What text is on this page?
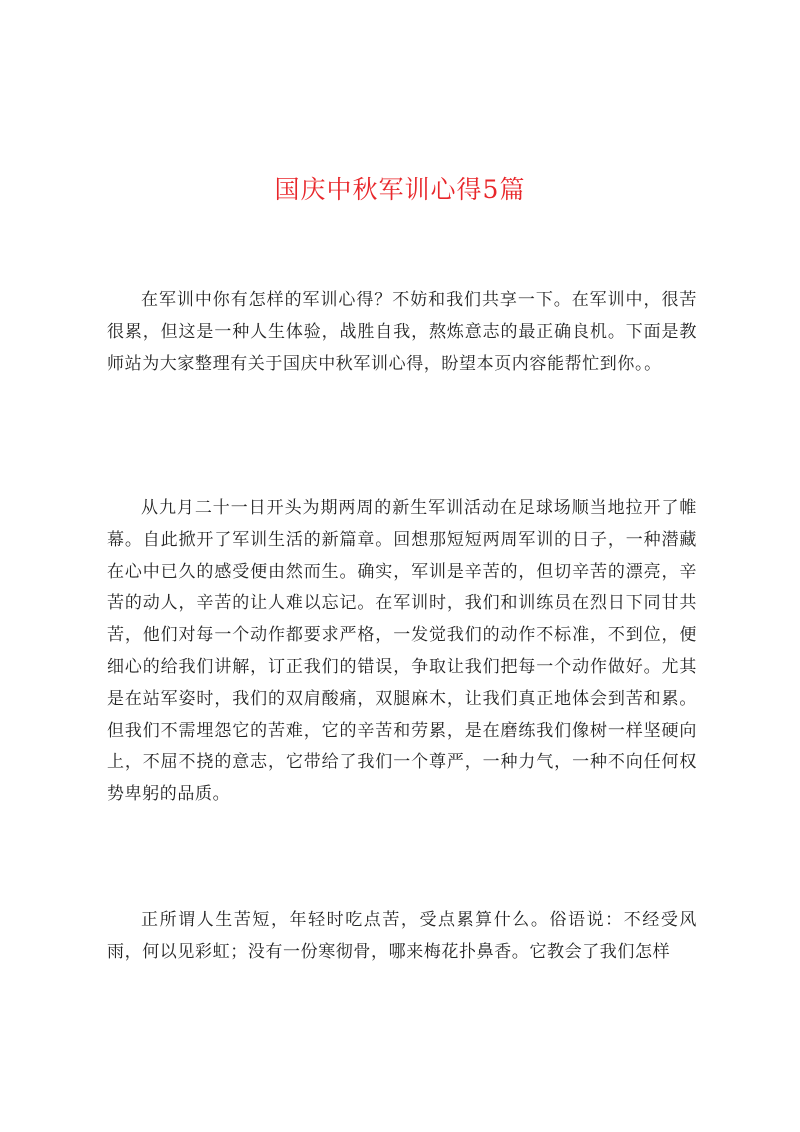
国庆中秋军训心得5篇

在军训中你有怎样的军训心得？不妨和我们共享一下。在军训中，很苦很累，但这是一种人生体验，战胜自我，熬炼意志的最正确良机。下面是教师站为大家整理有关于国庆中秋军训心得，盼望本页内容能帮忙到你。。

从九月二十一日开头为期两周的新生军训活动在足球场顺当地拉开了帷幕。自此掀开了军训生活的新篇章。回想那短短两周军训的日子，一种潜藏在心中已久的感受便由然而生。确实，军训是辛苦的，但切辛苦的漂亮，辛苦的动人，辛苦的让人难以忘记。在军训时，我们和训练员在烈日下同甘共苦，他们对每一个动作都要求严格，一发觉我们的动作不标准，不到位，便细心的给我们讲解，订正我们的错误，争取让我们把每一个动作做好。尤其是在站军姿时，我们的双肩酸痛，双腿麻木，让我们真正地体会到苦和累。但我们不需埋怨它的苦难，它的辛苦和劳累，是在磨练我们像树一样坚硬向上，不屈不挠的意志，它带给了我们一个尊严，一种力气，一种不向任何权势卑躬的品质。

正所谓人生苦短，年轻时吃点苦，受点累算什么。俗语说：不经受风雨，何以见彩虹；没有一份寒彻骨，哪来梅花扑鼻香。它教会了我们怎样
